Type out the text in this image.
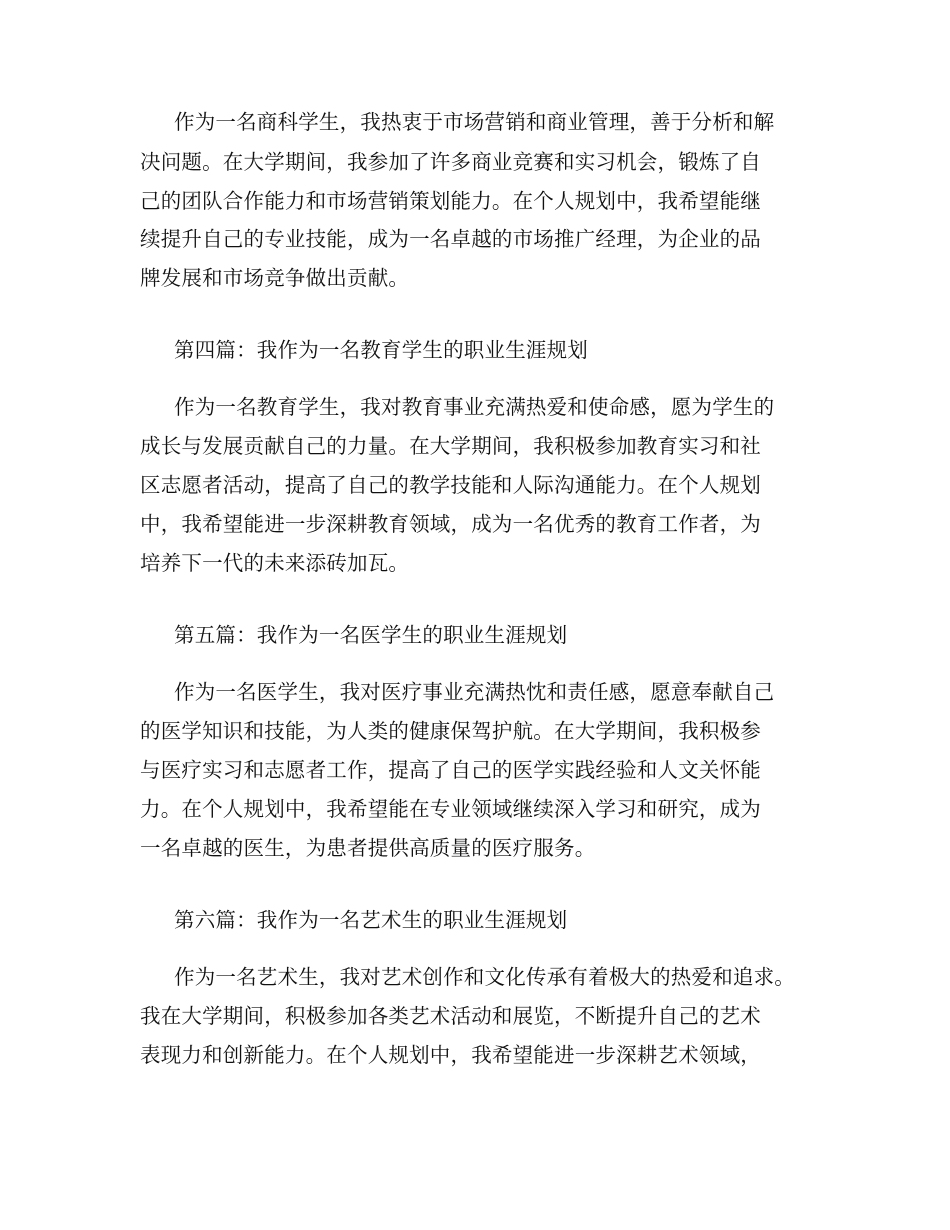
作为一名商科学生，我热衷于市场营销和商业管理，善于分析和解
决问题。在大学期间，我参加了许多商业竞赛和实习机会，锻炼了自
己的团队合作能力和市场营销策划能力。在个人规划中，我希望能继
续提升自己的专业技能，成为一名卓越的市场推广经理，为企业的品
牌发展和市场竞争做出贡献。
第四篇：我作为一名教育学生的职业生涯规划
作为一名教育学生，我对教育事业充满热爱和使命感，愿为学生的
成长与发展贡献自己的力量。在大学期间，我积极参加教育实习和社
区志愿者活动，提高了自己的教学技能和人际沟通能力。在个人规划
中，我希望能进一步深耕教育领域，成为一名优秀的教育工作者，为
培养下一代的未来添砖加瓦。
第五篇：我作为一名医学生的职业生涯规划
作为一名医学生，我对医疗事业充满热忱和责任感，愿意奉献自己
的医学知识和技能，为人类的健康保驾护航。在大学期间，我积极参
与医疗实习和志愿者工作，提高了自己的医学实践经验和人文关怀能
力。在个人规划中，我希望能在专业领域继续深入学习和研究，成为
一名卓越的医生，为患者提供高质量的医疗服务。
第六篇：我作为一名艺术生的职业生涯规划
作为一名艺术生，我对艺术创作和文化传承有着极大的热爱和追求。
我在大学期间，积极参加各类艺术活动和展览，不断提升自己的艺术
表现力和创新能力。在个人规划中，我希望能进一步深耕艺术领域，
